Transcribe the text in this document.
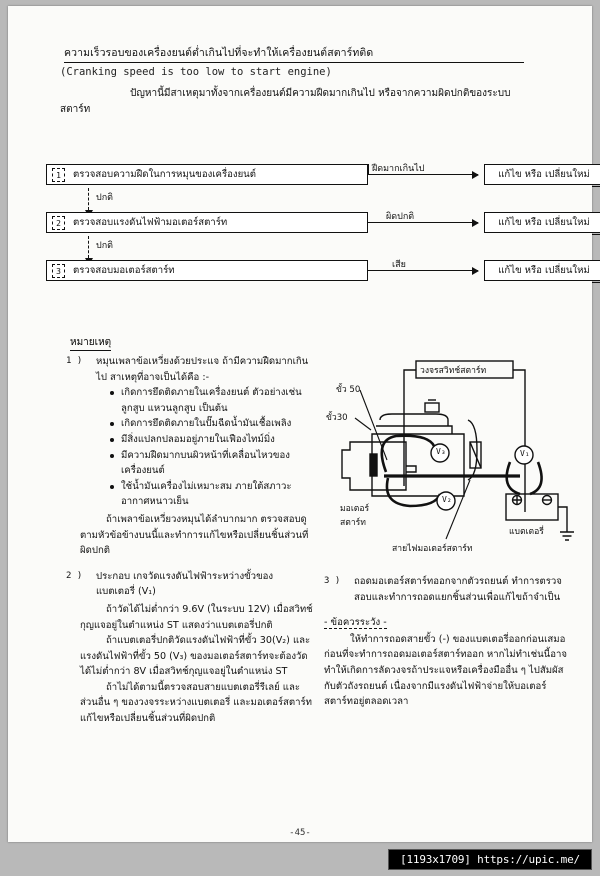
ความเร็วรอบของเครื่องยนต์ต่ำเกินไปที่จะทำให้เครื่องยนต์สตาร์ทติด
(Cranking speed is too low to start engine)
ปัญหานี้มีสาเหตุมาทั้งจากเครื่องยนต์มีความฝืดมากเกินไป หรือจากความผิดปกติของระบบ
สตาร์ท
1	ตรวจสอบความฝืดในการหมุนของเครื่องยนต์	ฝืดมากเกินไป	แก้ไข หรือ เปลี่ยนใหม่
ปกติ
2	ตรวจสอบแรงดันไฟฟ้ามอเตอร์สตาร์ท	ผิดปกติ	แก้ไข หรือ เปลี่ยนใหม่
ปกติ
3	ตรวจสอบมอเตอร์สตาร์ท	เสีย	แก้ไข หรือ เปลี่ยนใหม่
หมายเหตุ
1 )	หมุนเพลาข้อเหวี่ยงด้วยประแจ ถ้ามีความฝืดมากเกินไป สาเหตุที่อาจเป็นได้คือ :-
เกิดการยึดติดภายในเครื่องยนต์ ตัวอย่างเช่น ลูกสูบ แหวนลูกสูบ เป็นต้น
เกิดการยึดติดภายในปั๊มฉีดน้ำมันเชื้อเพลิง
มีสิ่งแปลกปลอมอยู่ภายในเฟืองไทม์มิ่ง
มีความฝืดมากบนผิวหน้าที่เคลื่อนไหวของเครื่องยนต์
ใช้น้ำมันเครื่องไม่เหมาะสม ภายใต้สภาวะอากาศหนาวเย็น
ถ้าเพลาข้อเหวี่ยวงหมุนได้ลำบากมาก ตรวจสอบดูตามหัวข้อข้างบนนี้และทำการแก้ไขหรือเปลี่ยนชิ้นส่วนที่ผิดปกติ
2 )	ประกอบ เกจวัดแรงดันไฟฟ้าระหว่างขั้วของ แบตเตอรี่ (V₁)
ถ้าวัดได้ไม่ต่ำกว่า 9.6V (ในระบบ 12V) เมื่อสวิทช์กุญแจอยู่ในตำแหน่ง ST แสดงว่าแบตเตอรี่ปกติ
ถ้าแบตเตอรี่ปกติวัดแรงดันไฟฟ้าที่ขั้ว 30(V₂) และแรงดันไฟฟ้าที่ขั้ว 50 (V₃) ของมอเตอร์สตาร์ทจะต้องวัดได้ไม่ต่ำกว่า 8V เมื่อสวิทช์กุญแจอยู่ในตำแหน่ง ST
ถ้าไม่ได้ตามนี้ตรวจสอบสายแบตเตอรี่รีเลย์ และส่วนอื่น ๆ ของวงจรระหว่างแบตเตอรี่ และมอเตอร์สตาร์ท แก้ไขหรือเปลี่ยนชิ้นส่วนที่ผิดปกติ
3 )	ถอดมอเตอร์สตาร์ทออกจากตัวรถยนต์ ทำการตรวจสอบและทำการถอดแยกชิ้นส่วนเพื่อแก้ไขถ้าจำเป็น
- ข้อควรระวัง -
ให้ทำการถอดสายขั้ว (-) ของแบตเตอรี่ออกก่อนเสมอ ก่อนที่จะทำการถอดมอเตอร์สตาร์ทออก หากไม่ทำเช่นนี้อาจทำให้เกิดการลัดวงจรถ้าประแจหรือเครื่องมืออื่น ๆ ไปสัมผัสกับตัวถังรถยนต์ เนื่องจากมีแรงดันไฟฟ้าจ่ายให้บอเตอร์สตาร์ทอยู่ตลอดเวลา
วงจรสวิทช์สตาร์ท
ขั้ว 50
ขั้ว30
มอเตอร์
สตาร์ท
สายไฟมอเตอร์สตาร์ท
แบตเตอรี่
V₁
V₂
V₃
-45-
[1193x1709] https://upic.me/
